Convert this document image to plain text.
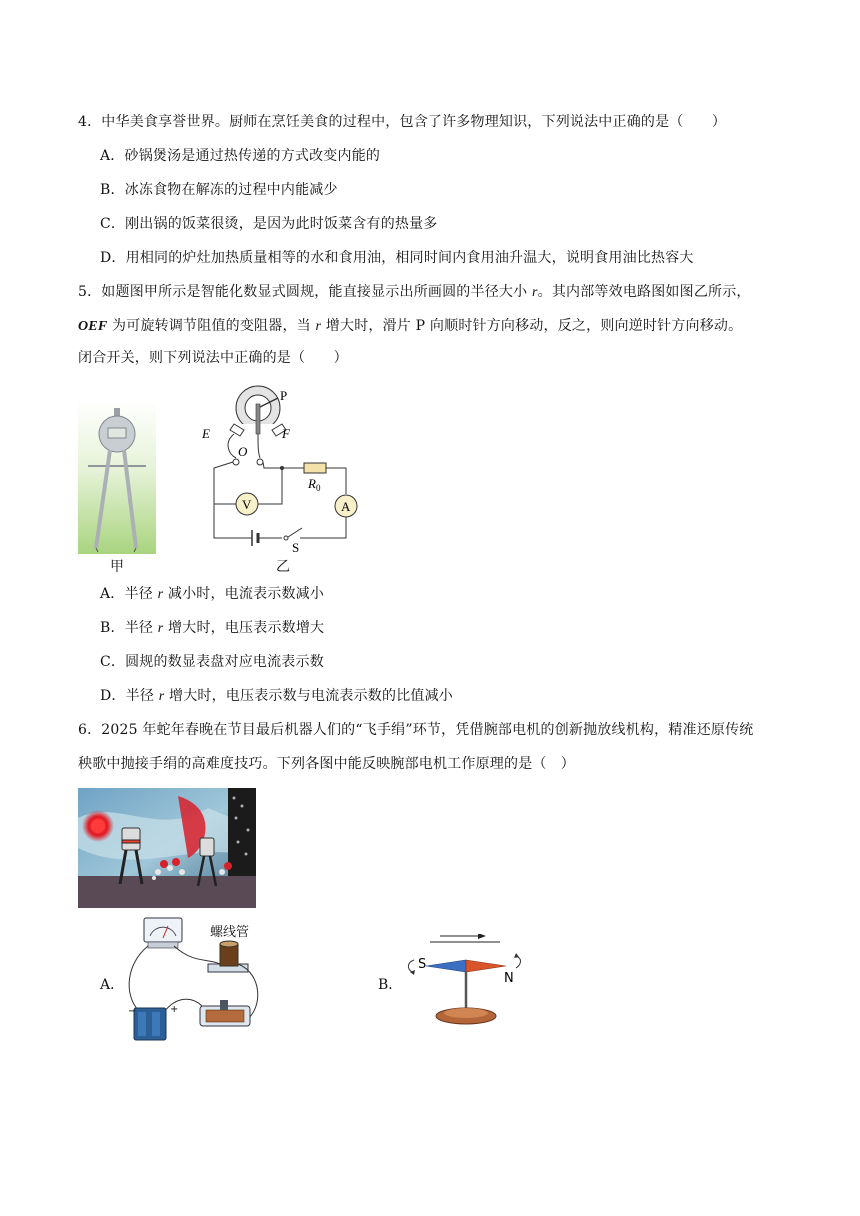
4．中华美食享誉世界。厨师在烹饪美食的过程中，包含了许多物理知识，下列说法中正确的是（　　）
A．砂锅煲汤是通过热传递的方式改变内能的
B．冰冻食物在解冻的过程中内能减少
C．刚出锅的饭菜很烫，是因为此时饭菜含有的热量多
D．用相同的炉灶加热质量相等的水和食用油，相同时间内食用油升温大，说明食用油比热容大
5．如题图甲所示是智能化数显式圆规，能直接显示出所画圆的半径大小 r。其内部等效电路图如图乙所示，
OEF 为可旋转调节阻值的变阻器，当 r 增大时，滑片 P 向顺时针方向移动，反之，则向逆时针方向移动。
闭合开关，则下列说法中正确的是（　　）
甲
P
E	F
O
A
V
S
$R_0$
乙
A．半径 r 减小时，电流表示数减小
B．半径 r 增大时，电压表示数增大
C．圆规的数显表盘对应电流表示数
D．半径 r 增大时，电压表示数与电流表示数的比值减小
6．2025 年蛇年春晚在节目最后机器人们的“飞手绢”环节，凭借腕部电机的创新抛放线机构，精准还原传统
秧歌中抛接手绢的高难度技巧。下列各图中能反映腕部电机工作原理的是（　）
A．
螺线管
−	+
B．
S
N
